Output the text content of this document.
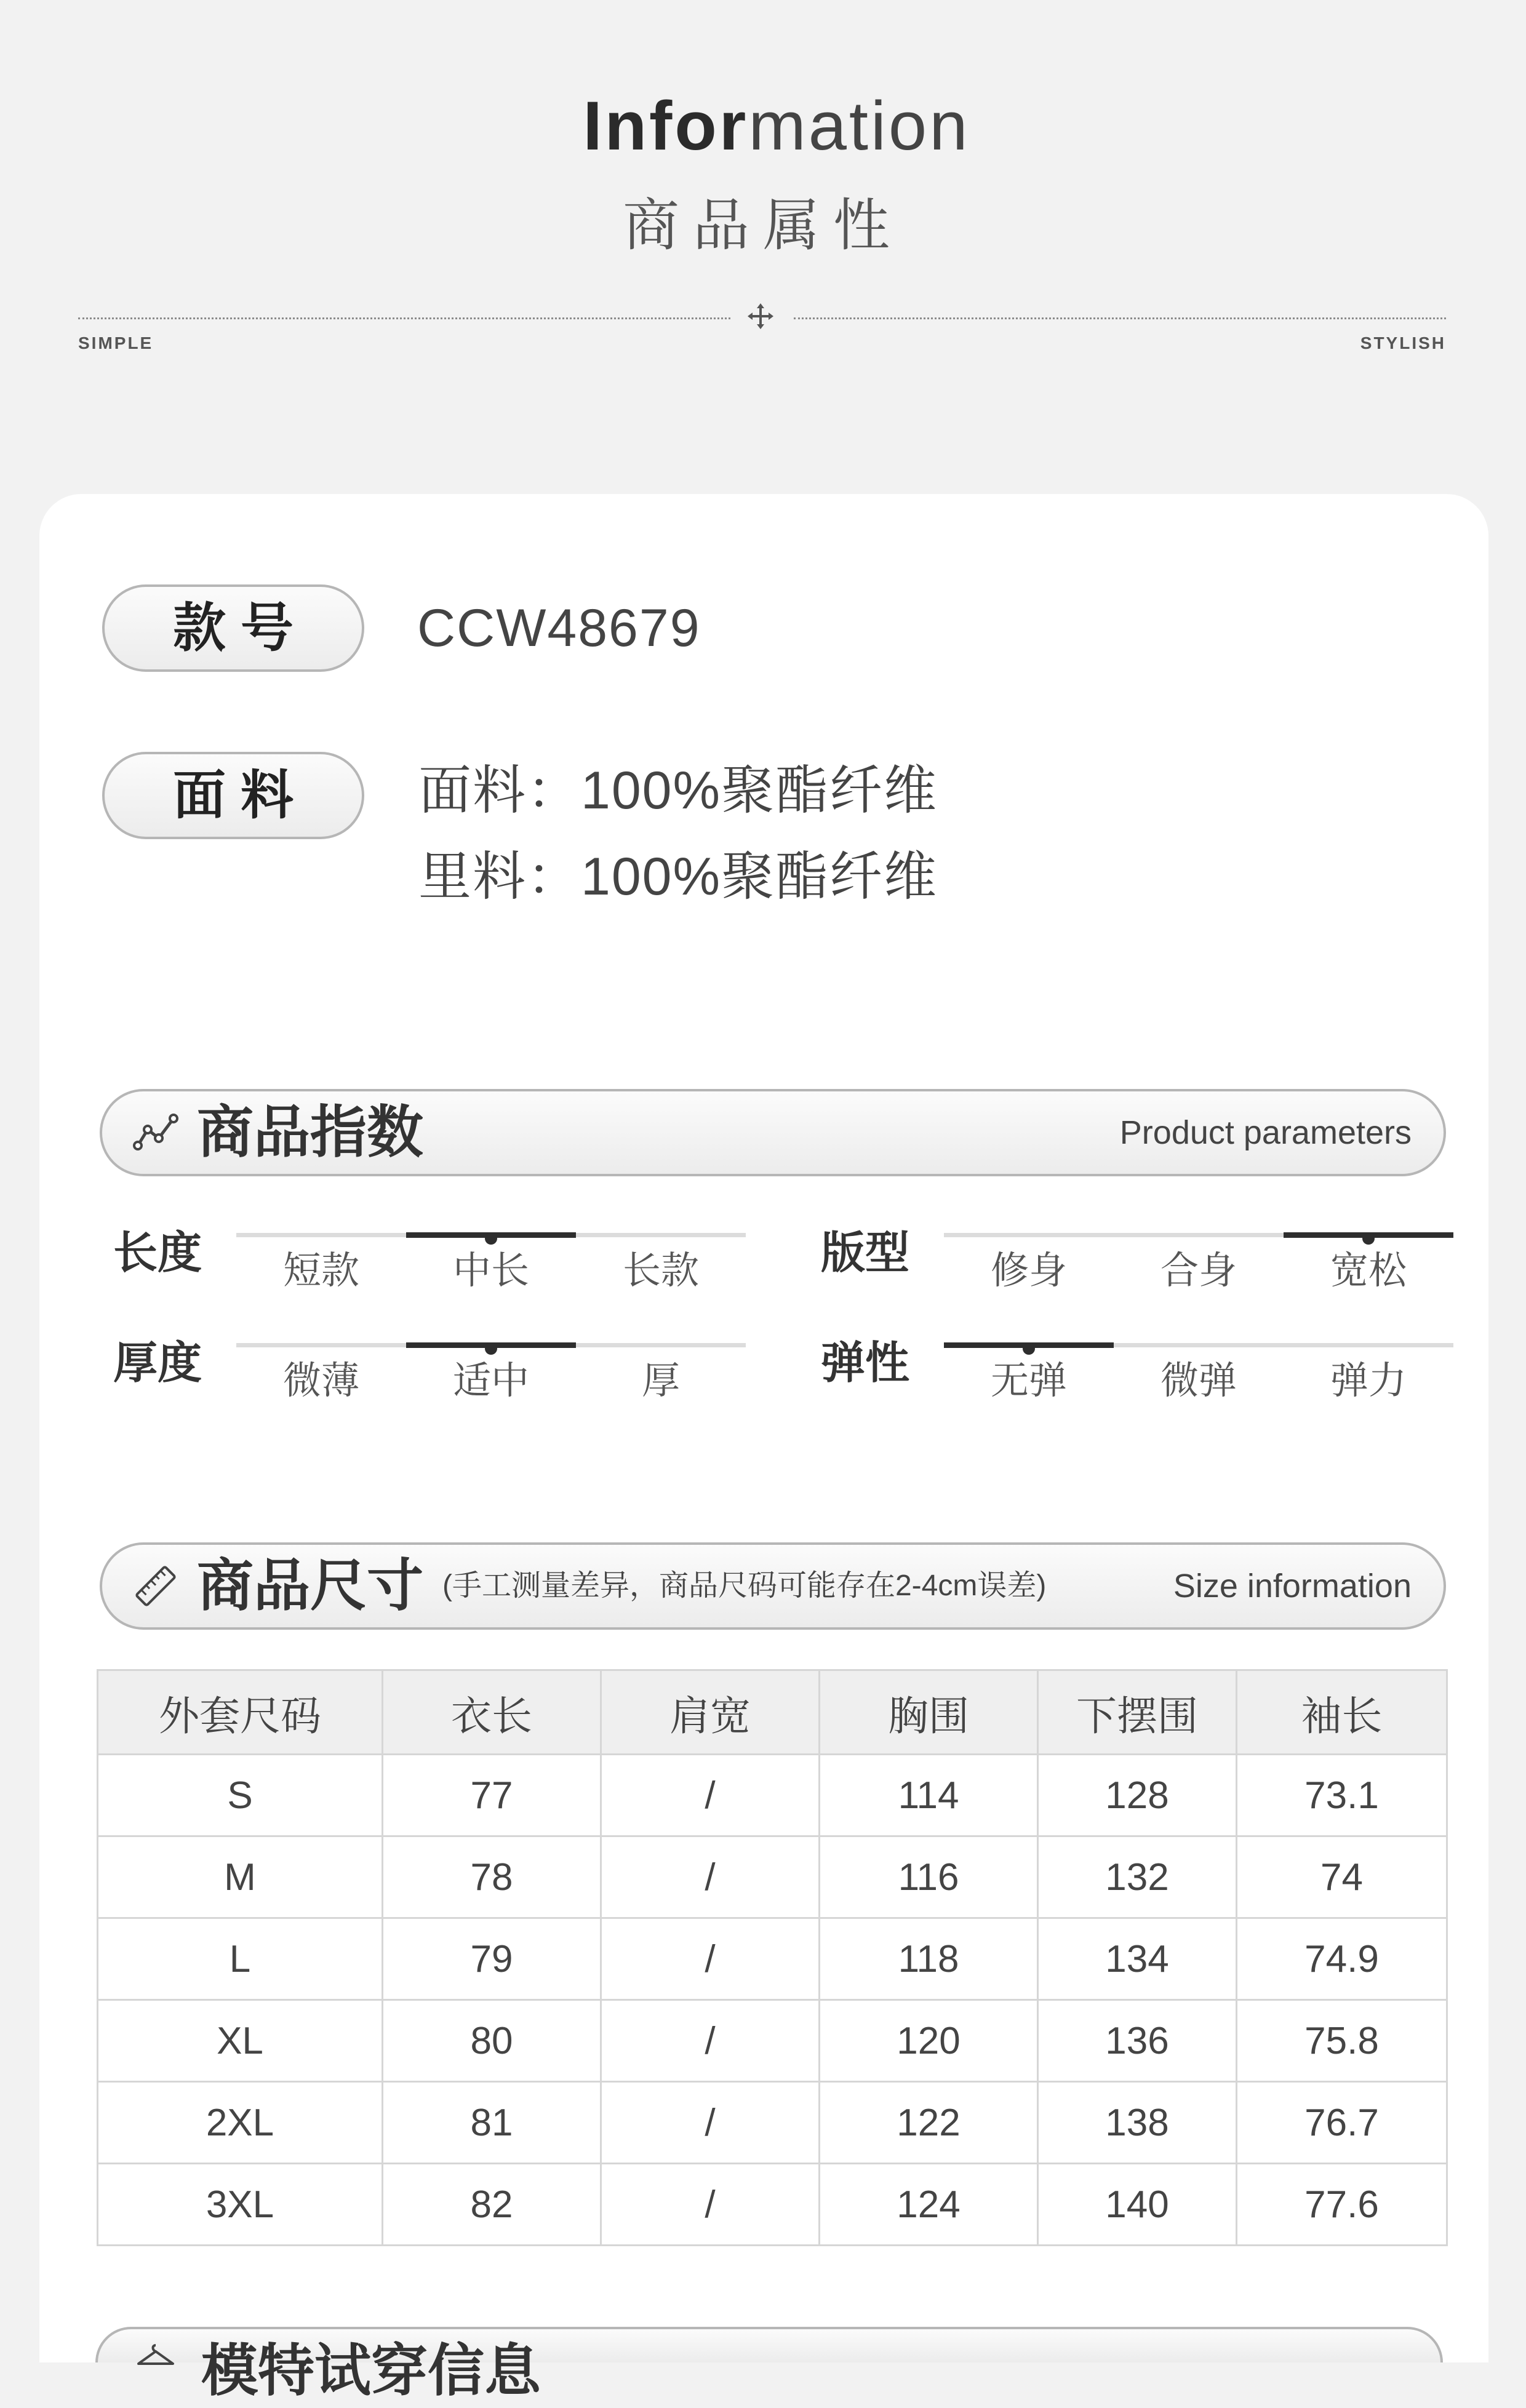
Information
商品属性
SIMPLE	STYLISH
款号	CCW48679
面料	面料：100%聚酯纤维
里料：100%聚酯纤维
商品指数	Product parameters
长度	短款	中长	长款	版型	修身	合身	宽松
厚度	微薄	适中	厚	弹性	无弹	微弹	弹力
商品尺寸 (手工测量差异，商品尺码可能存在2-4cm误差)	Size information
外套尺码	衣长	肩宽	胸围	下摆围	袖长
S	77	/	114	128	73.1
M	78	/	116	132	74
L	79	/	118	134	74.9
XL	80	/	120	136	75.8
2XL	81	/	122	138	76.7
3XL	82	/	124	140	77.6
模特试穿信息
